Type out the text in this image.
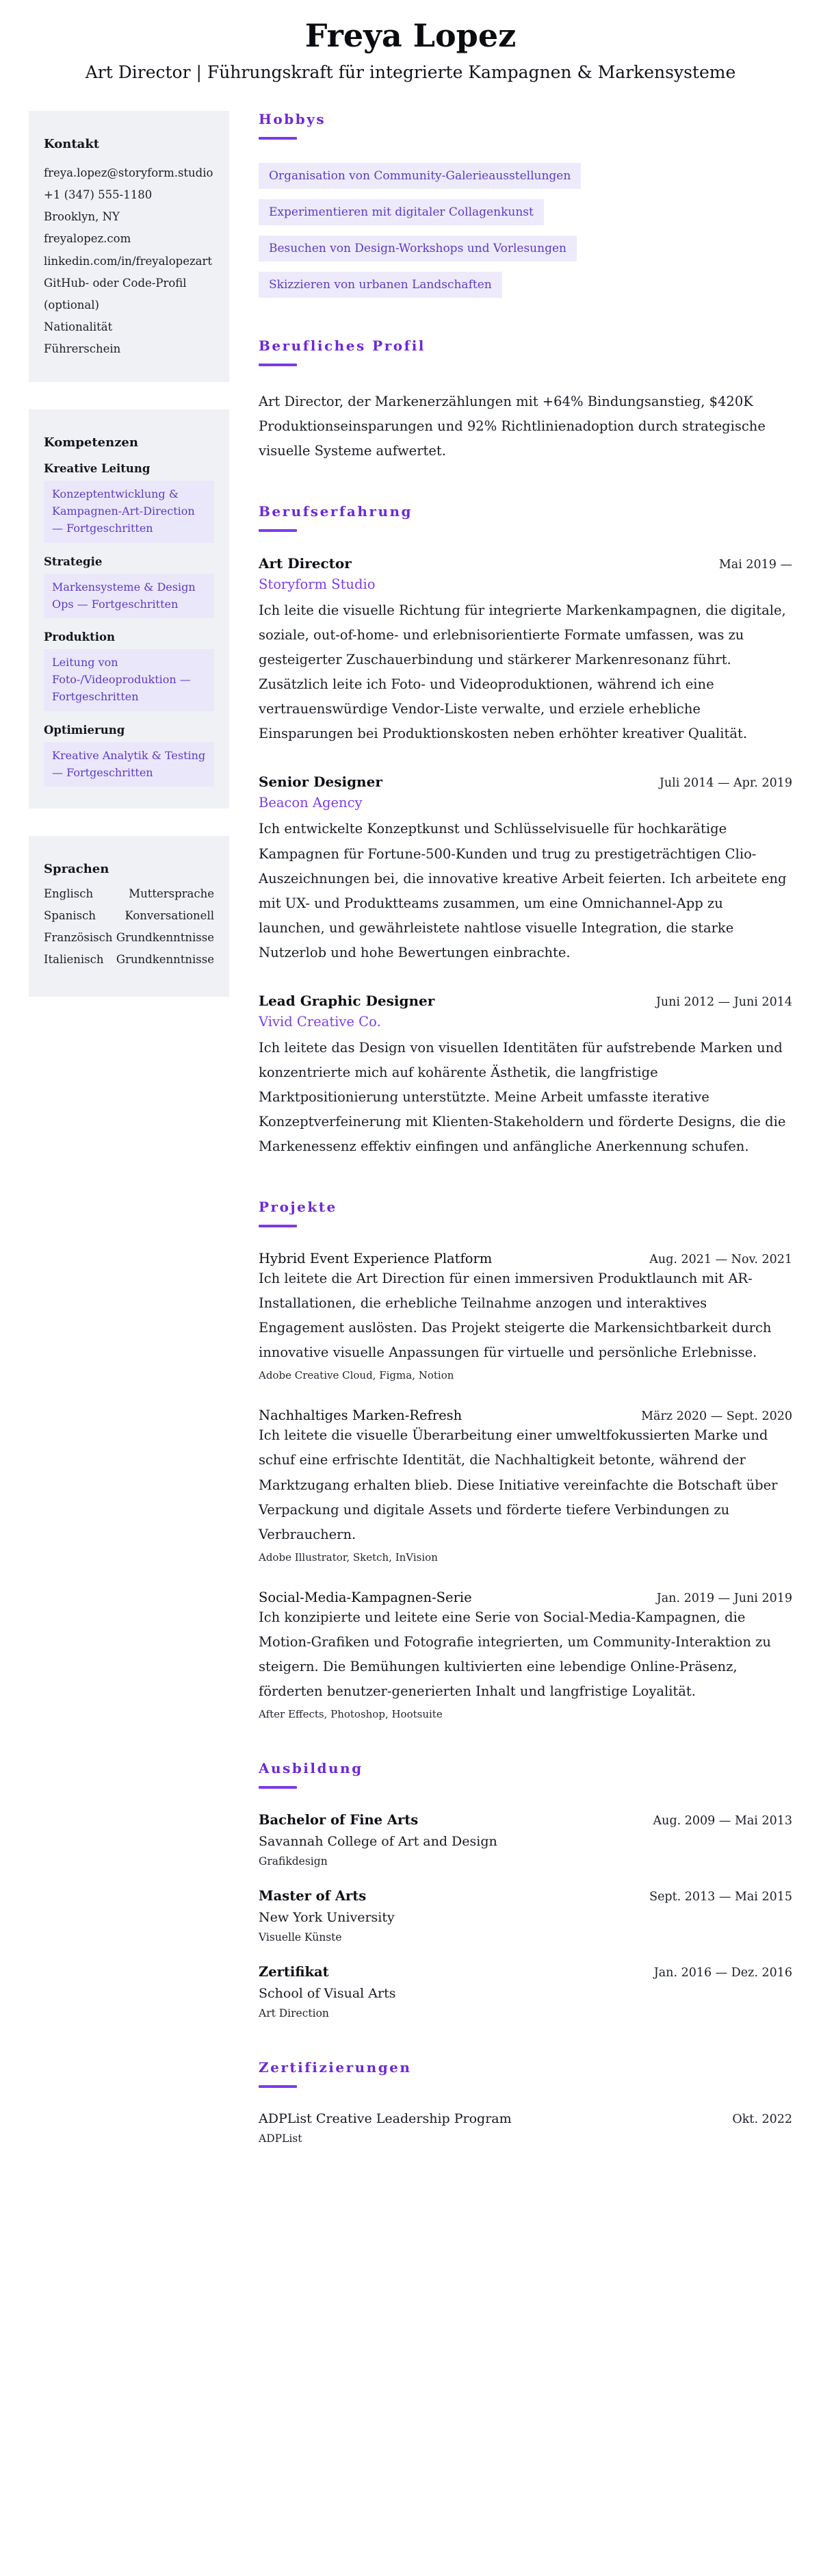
Freya Lopez
Art Director | Führungskraft für integrierte Kampagnen & Markensysteme
Kontakt
freya.lopez@storyform.studio
+1 (347) 555-1180
Brooklyn, NY
freyalopez.com
linkedin.com/in/freyalopezart
GitHub- oder Code-Profil (optional)
Nationalität
Führerschein
Kompetenzen
Kreative Leitung
Konzeptentwicklung & Kampagnen-Art-Direction — Fortgeschritten
Strategie
Markensysteme & Design Ops — Fortgeschritten
Produktion
Leitung von Foto-/Videoproduktion — Fortgeschritten
Optimierung
Kreative Analytik & Testing — Fortgeschritten
Sprachen
Englisch	Muttersprache
Spanisch	Konversationell
Französisch Grundkenntnisse
Italienisch Grundkenntnisse
Hobbys
Organisation von Community-Galerieausstellungen
Experimentieren mit digitaler Collagenkunst
Besuchen von Design-Workshops und Vorlesungen
Skizzieren von urbanen Landschaften
Berufliches Profil
Art Director, der Markenerzählungen mit +64% Bindungsanstieg, $420K Produktionseinsparungen und 92% Richtlinienadoption durch strategische visuelle Systeme aufwertet.
Berufserfahrung
Art Director	Mai 2019 —
Storyform Studio
Ich leite die visuelle Richtung für integrierte Markenkampagnen, die digitale, soziale, out-of-home- und erlebnisorientierte Formate umfassen, was zu gesteigerter Zuschauerbindung und stärkerer Markenresonanz führt. Zusätzlich leite ich Foto- und Videoproduktionen, während ich eine vertrauenswürdige Vendor-Liste verwalte, und erziele erhebliche Einsparungen bei Produktionskosten neben erhöhter kreativer Qualität.
Senior Designer	Juli 2014 — Apr. 2019
Beacon Agency
Ich entwickelte Konzeptkunst und Schlüsselvisuelle für hochkarätige Kampagnen für Fortune-500-Kunden und trug zu prestigeträchtigen Clio-Auszeichnungen bei, die innovative kreative Arbeit feierten. Ich arbeitete eng mit UX- und Produktteams zusammen, um eine Omnichannel-App zu launchen, und gewährleistete nahtlose visuelle Integration, die starke Nutzerlob und hohe Bewertungen einbrachte.
Lead Graphic Designer	Juni 2012 — Juni 2014
Vivid Creative Co.
Ich leitete das Design von visuellen Identitäten für aufstrebende Marken und konzentrierte mich auf kohärente Ästhetik, die langfristige Marktpositionierung unterstützte. Meine Arbeit umfasste iterative Konzeptverfeinerung mit Klienten-Stakeholdern und förderte Designs, die die Markenessenz effektiv einfingen und anfängliche Anerkennung schufen.
Projekte
Hybrid Event Experience Platform	Aug. 2021 — Nov. 2021
Ich leitete die Art Direction für einen immersiven Produktlaunch mit AR-Installationen, die erhebliche Teilnahme anzogen und interaktives Engagement auslösten. Das Projekt steigerte die Markensichtbarkeit durch innovative visuelle Anpassungen für virtuelle und persönliche Erlebnisse.
Adobe Creative Cloud, Figma, Notion
Nachhaltiges Marken-Refresh	März 2020 — Sept. 2020
Ich leitete die visuelle Überarbeitung einer umweltfokussierten Marke und schuf eine erfrischte Identität, die Nachhaltigkeit betonte, während der Marktzugang erhalten blieb. Diese Initiative vereinfachte die Botschaft über Verpackung und digitale Assets und förderte tiefere Verbindungen zu Verbrauchern.
Adobe Illustrator, Sketch, InVision
Social-Media-Kampagnen-Serie	Jan. 2019 — Juni 2019
Ich konzipierte und leitete eine Serie von Social-Media-Kampagnen, die Motion-Grafiken und Fotografie integrierten, um Community-Interaktion zu steigern. Die Bemühungen kultivierten eine lebendige Online-Präsenz, förderten benutzer-generierten Inhalt und langfristige Loyalität.
After Effects, Photoshop, Hootsuite
Ausbildung
Bachelor of Fine Arts	Aug. 2009 — Mai 2013
Savannah College of Art and Design
Grafikdesign
Master of Arts	Sept. 2013 — Mai 2015
New York University
Visuelle Künste
Zertifikat	Jan. 2016 — Dez. 2016
School of Visual Arts
Art Direction
Zertifizierungen
ADPList Creative Leadership Program	Okt. 2022
ADPList
